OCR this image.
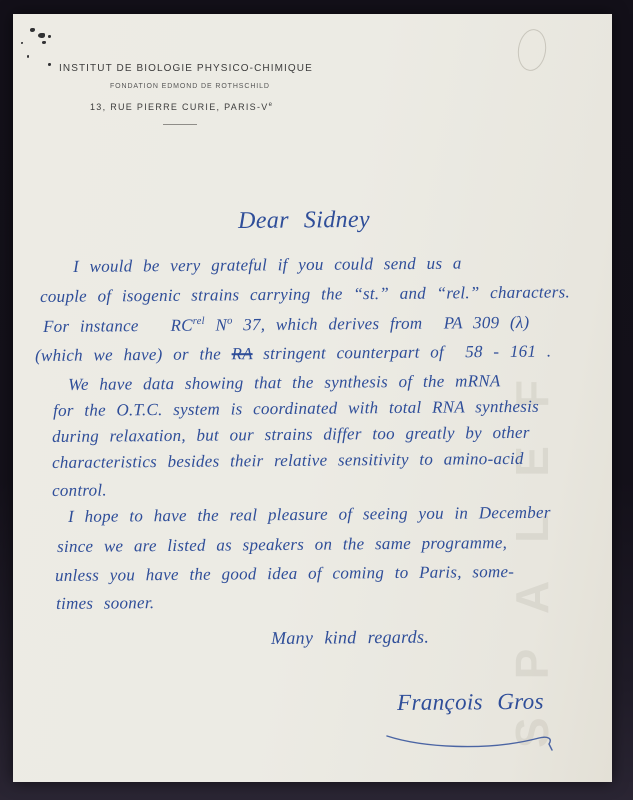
SPALEF
INSTITUT DE BIOLOGIE PHYSICO-CHIMIQUE
FONDATION EDMOND DE ROTHSCHILD
13, RUE PIERRE CURIE, PARIS-Ve
Dear Sidney
I would be very grateful if you could send us a
couple of isogenic strains carrying the “st.” and “rel.” characters.
For instance   $RC^{rel}$ $N^o$ 37, which derives from  PA 309 (λ)
(which we have) or the RA stringent counterpart of  58 - 161 .
We have data showing that the synthesis of the mRNA
for the O.T.C. system is coordinated with total RNA synthesis
during relaxation, but our strains differ too greatly by other
characteristics besides their relative sensitivity to amino-acid
control.
I hope to have the real pleasure of seeing you in December
since we are listed as speakers on the same programme,
unless you have the good idea of coming to Paris, some-
times sooner.
Many kind regards.
François Gros
